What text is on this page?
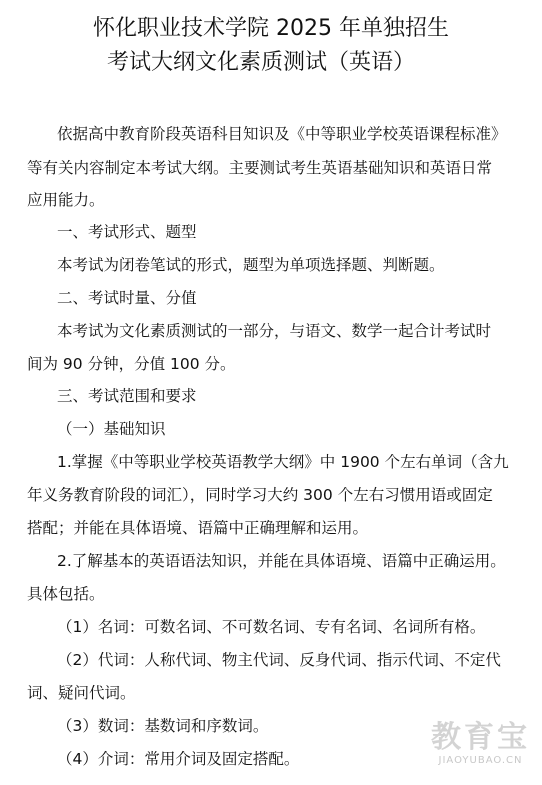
怀化职业技术学院 2025 年单独招生
考试大纲文化素质测试（英语）
依据高中教育阶段英语科目知识及《中等职业学校英语课程标准》
等有关内容制定本考试大纲。主要测试考生英语基础知识和英语日常
应用能力。
一、考试形式、题型
本考试为闭卷笔试的形式，题型为单项选择题、判断题。
二、考试时量、分值
本考试为文化素质测试的一部分，与语文、数学一起合计考试时
间为 90 分钟，分值 100 分。
三、考试范围和要求
（一）基础知识
1.掌握《中等职业学校英语教学大纲》中 1900 个左右单词（含九
年义务教育阶段的词汇），同时学习大约 300 个左右习惯用语或固定
搭配；并能在具体语境、语篇中正确理解和运用。
2.了解基本的英语语法知识，并能在具体语境、语篇中正确运用。
具体包括。
（1）名词：可数名词、不可数名词、专有名词、名词所有格。
（2）代词：人称代词、物主代词、反身代词、指示代词、不定代
词、疑问代词。
（3）数词：基数词和序数词。
（4）介词：常用介词及固定搭配。
教育宝
JIAOYUBAO.CN
